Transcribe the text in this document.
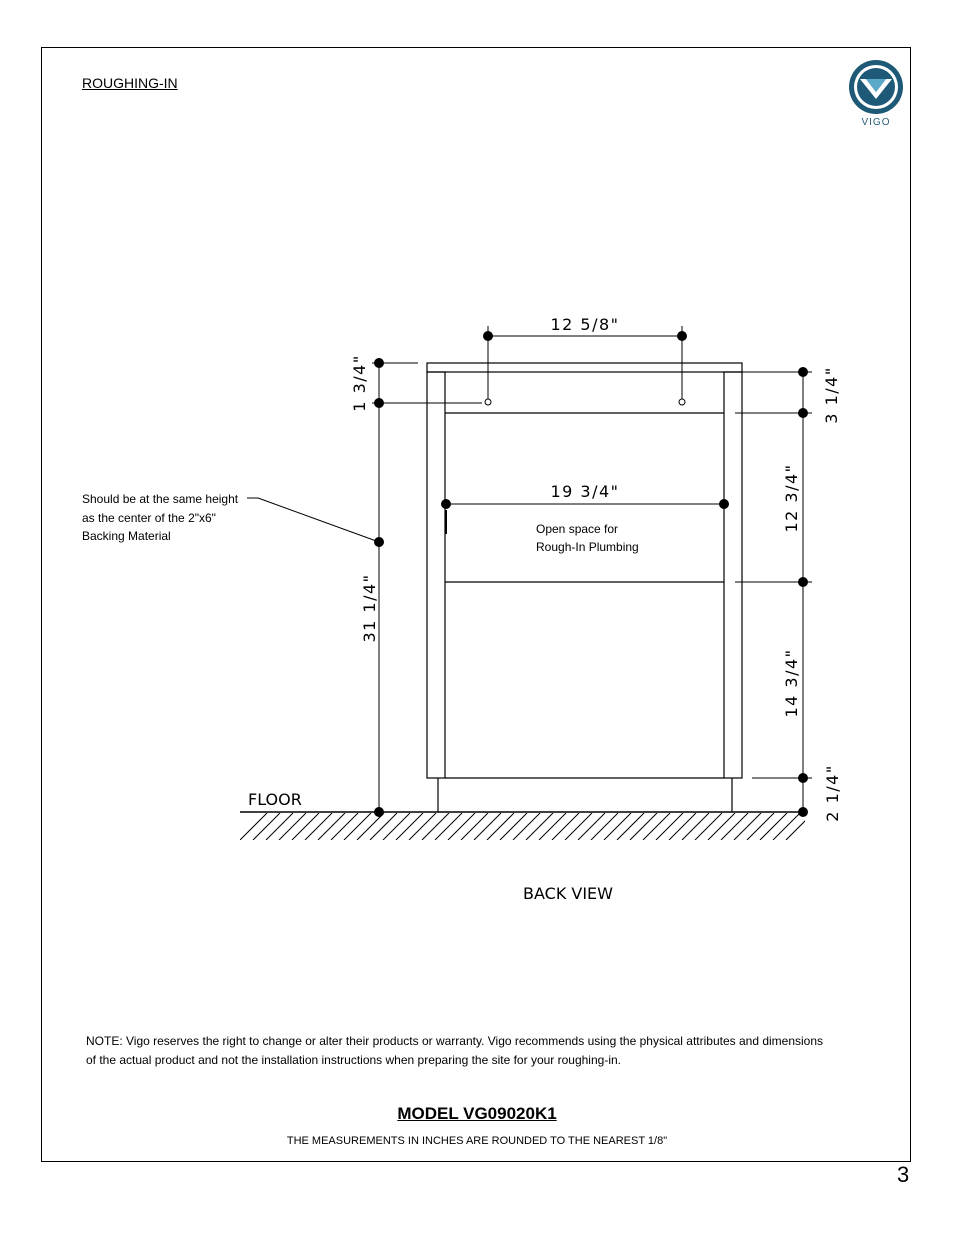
ROUGHING-IN
VIGO
12 5/8"
1 3/4"
31 1/4"
19 3/4"
Open space for
Rough-In Plumbing
3 1/4"
12 3/4"
14 3/4"
2 1/4"
FLOOR
BACK VIEW
Should be at the same height
as the center of the 2"x6"
Backing Material
NOTE: Vigo reserves the right to change or alter their products or warranty. Vigo recommends using the physical attributes and dimensions
of the actual product and not the installation instructions when preparing the site for your roughing-in.
MODEL VG09020K1
THE MEASUREMENTS IN INCHES ARE ROUNDED TO THE NEAREST 1/8"
3
